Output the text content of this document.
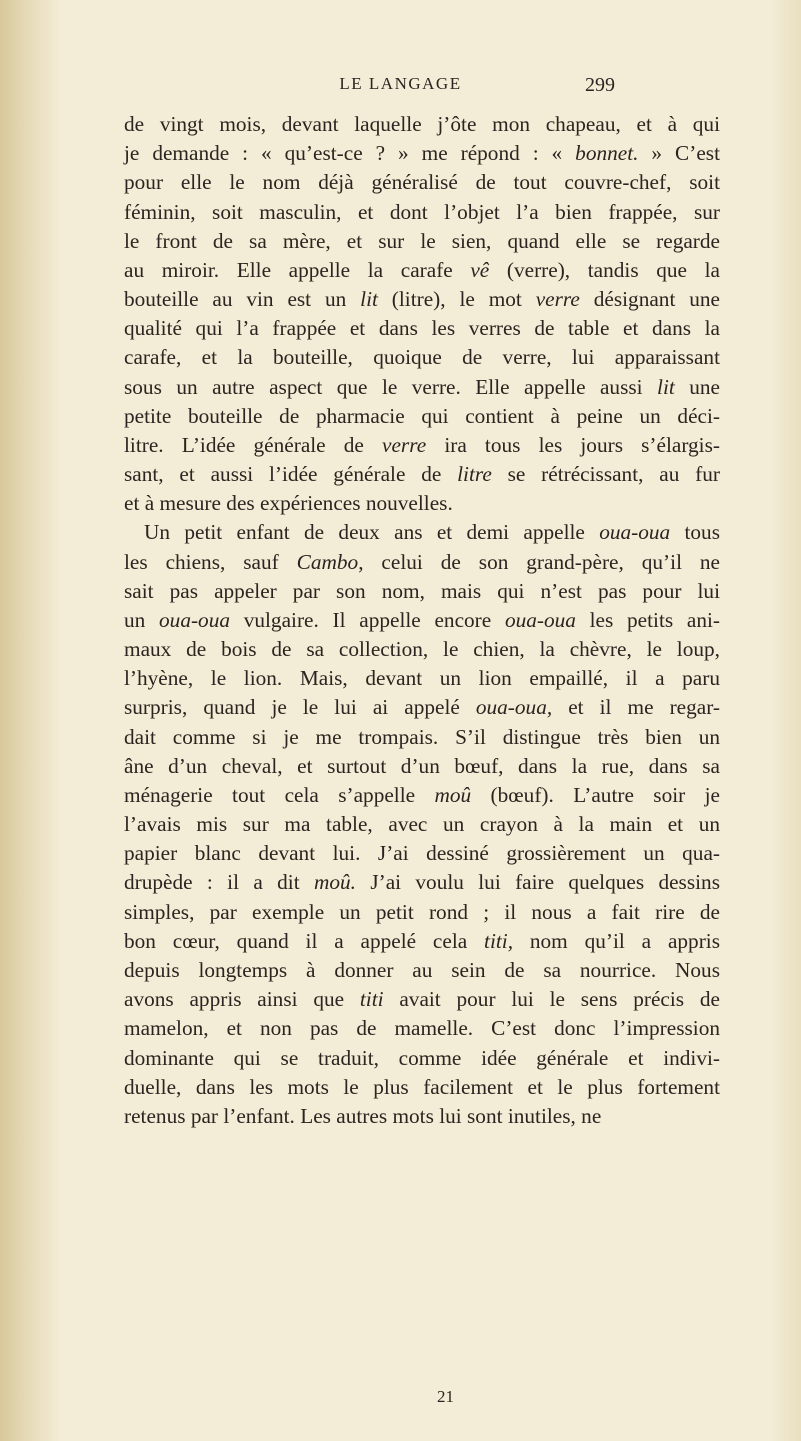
LE LANGAGE	299
de vingt mois, devant laquelle j’ôte mon chapeau, et à qui
je demande : « qu’est-ce ? » me répond : « bonnet. » C’est
pour elle le nom déjà généralisé de tout couvre-chef, soit
féminin, soit masculin, et dont l’objet l’a bien frappée, sur
le front de sa mère, et sur le sien, quand elle se regarde
au miroir. Elle appelle la carafe vê (verre), tandis que la
bouteille au vin est un lit (litre), le mot verre désignant une
qualité qui l’a frappée et dans les verres de table et dans la
carafe, et la bouteille, quoique de verre, lui apparaissant
sous un autre aspect que le verre. Elle appelle aussi lit une
petite bouteille de pharmacie qui contient à peine un déci-
litre. L’idée générale de verre ira tous les jours s’élargis-
sant, et aussi l’idée générale de litre se rétrécissant, au fur
et à mesure des expériences nouvelles.
Un petit enfant de deux ans et demi appelle oua-oua tous
les chiens, sauf Cambo, celui de son grand-père, qu’il ne
sait pas appeler par son nom, mais qui n’est pas pour lui
un oua-oua vulgaire. Il appelle encore oua-oua les petits ani-
maux de bois de sa collection, le chien, la chèvre, le loup,
l’hyène, le lion. Mais, devant un lion empaillé, il a paru
surpris, quand je le lui ai appelé oua-oua, et il me regar-
dait comme si je me trompais. S’il distingue très bien un
âne d’un cheval, et surtout d’un bœuf, dans la rue, dans sa
ménagerie tout cela s’appelle moû (bœuf). L’autre soir je
l’avais mis sur ma table, avec un crayon à la main et un
papier blanc devant lui. J’ai dessiné grossièrement un qua-
drupède : il a dit moû. J’ai voulu lui faire quelques dessins
simples, par exemple un petit rond ; il nous a fait rire de
bon cœur, quand il a appelé cela titi, nom qu’il a appris
depuis longtemps à donner au sein de sa nourrice. Nous
avons appris ainsi que titi avait pour lui le sens précis de
mamelon, et non pas de mamelle. C’est donc l’impression
dominante qui se traduit, comme idée générale et indivi-
duelle, dans les mots le plus facilement et le plus fortement
retenus par l’enfant. Les autres mots lui sont inutiles, ne
21
